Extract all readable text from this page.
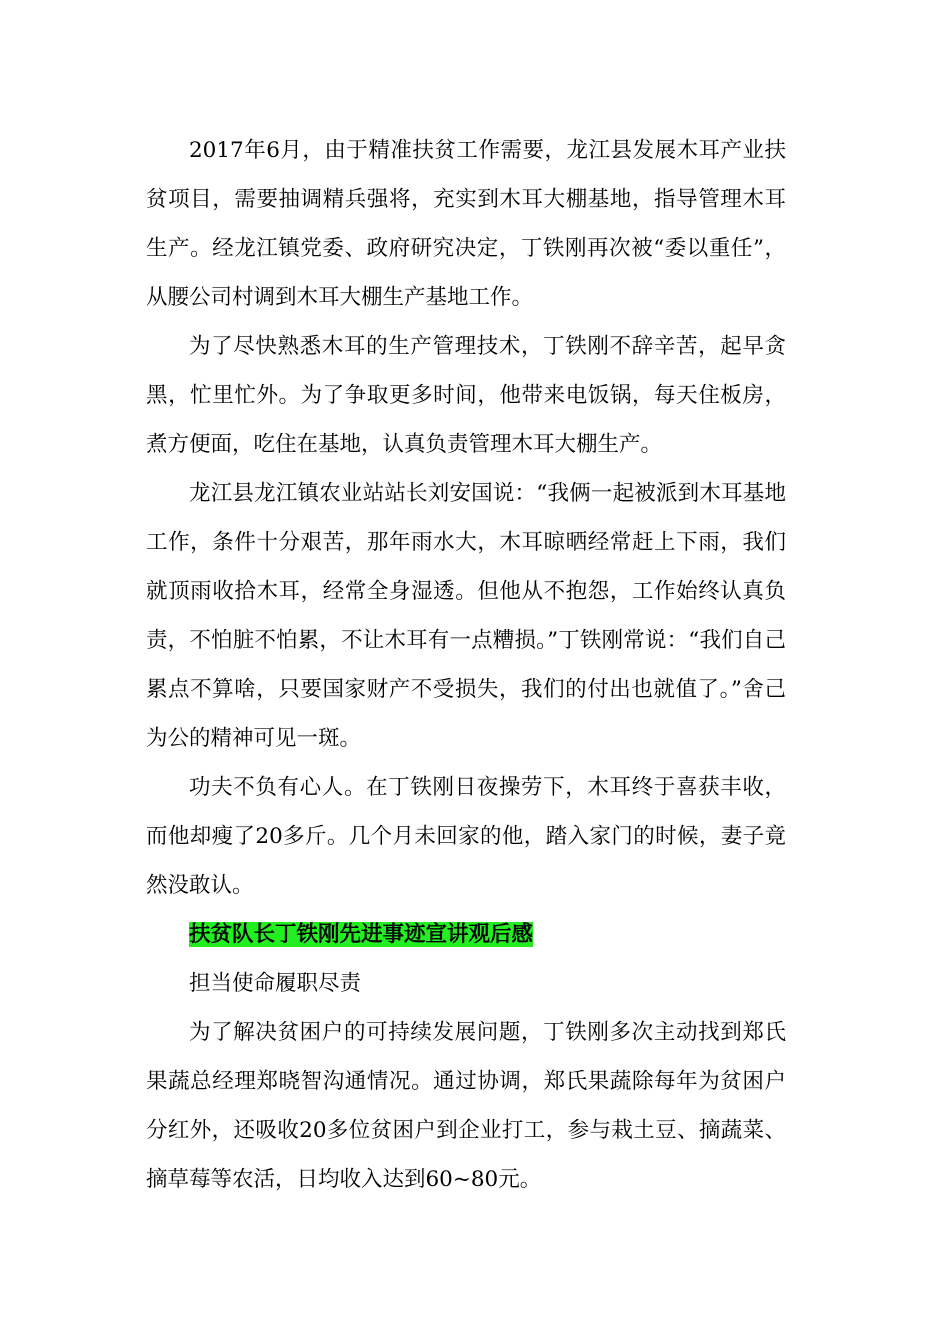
2017年6月，由于精准扶贫工作需要，龙江县发展木耳产业扶贫项目，需要抽调精兵强将，充实到木耳大棚基地，指导管理木耳生产。经龙江镇党委、政府研究决定，丁铁刚再次被“委以重任”，从腰公司村调到木耳大棚生产基地工作。

为了尽快熟悉木耳的生产管理技术，丁铁刚不辞辛苦，起早贪黑，忙里忙外。为了争取更多时间，他带来电饭锅，每天住板房，煮方便面，吃住在基地，认真负责管理木耳大棚生产。

龙江县龙江镇农业站站长刘安国说：“我俩一起被派到木耳基地工作，条件十分艰苦，那年雨水大，木耳晾晒经常赶上下雨，我们就顶雨收拾木耳，经常全身湿透。但他从不抱怨，工作始终认真负责，不怕脏不怕累，不让木耳有一点糟损。”丁铁刚常说：“我们自己累点不算啥，只要国家财产不受损失，我们的付出也就值了。”舍己为公的精神可见一斑。

功夫不负有心人。在丁铁刚日夜操劳下，木耳终于喜获丰收，而他却瘦了20多斤。几个月未回家的他，踏入家门的时候，妻子竟然没敢认。

扶贫队长丁铁刚先进事迹宣讲观后感

担当使命履职尽责

为了解决贫困户的可持续发展问题，丁铁刚多次主动找到郑氏果蔬总经理郑晓智沟通情况。通过协调，郑氏果蔬除每年为贫困户分红外，还吸收20多位贫困户到企业打工，参与栽土豆、摘蔬菜、摘草莓等农活，日均收入达到60~80元。
